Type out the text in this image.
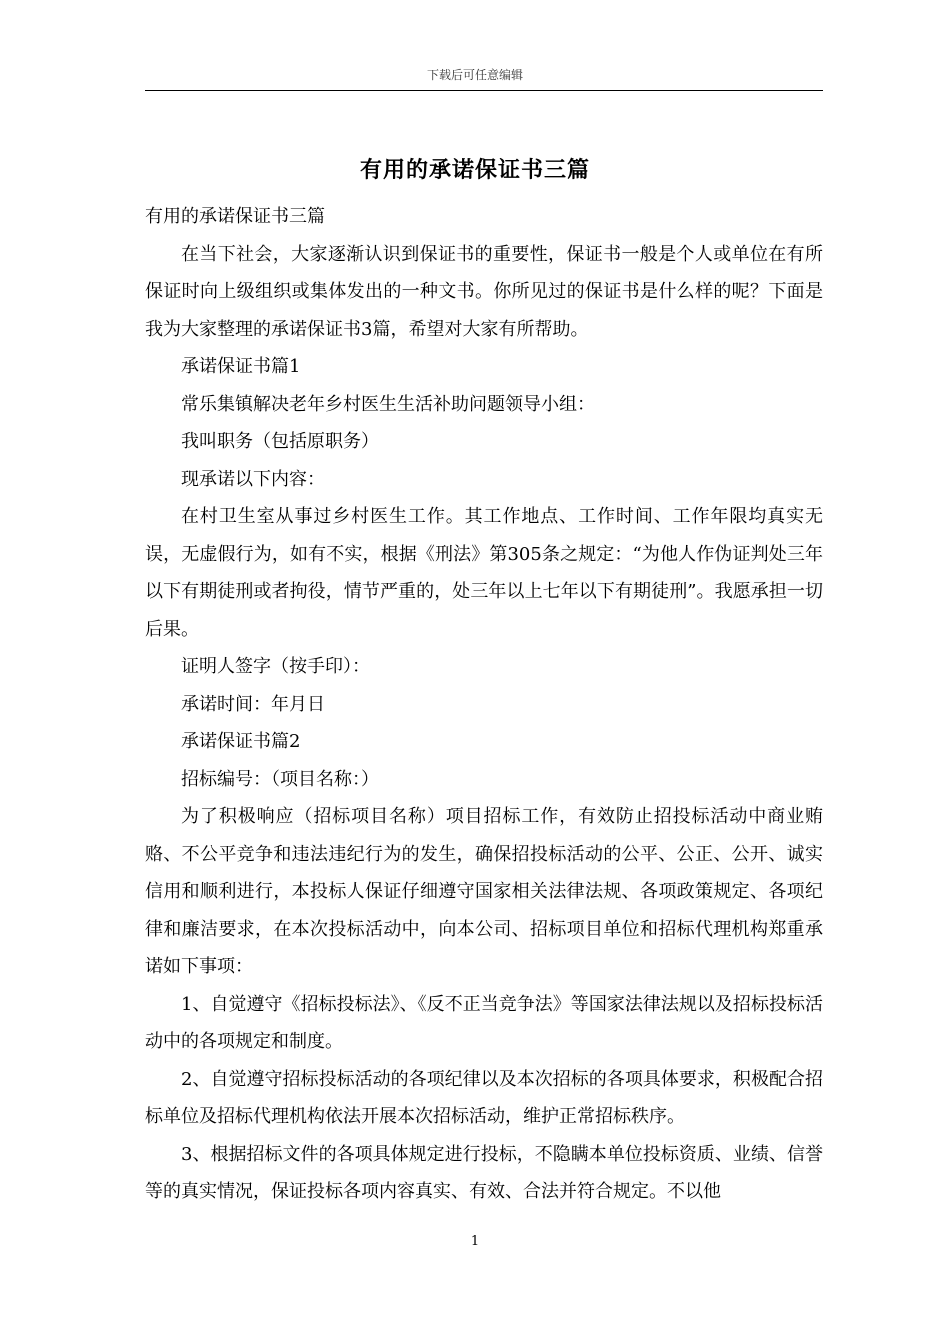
下载后可任意编辑
有用的承诺保证书三篇

有用的承诺保证书三篇

在当下社会，大家逐渐认识到保证书的重要性，保证书一般是个人或单位在有所保证时向上级组织或集体发出的一种文书。你所见过的保证书是什么样的呢？下面是我为大家整理的承诺保证书3篇，希望对大家有所帮助。

承诺保证书篇1

常乐集镇解决老年乡村医生生活补助问题领导小组：

我叫职务（包括原职务）

现承诺以下内容：

在村卫生室从事过乡村医生工作。其工作地点、工作时间、工作年限均真实无误，无虚假行为，如有不实，根据《刑法》第305条之规定：“为他人作伪证判处三年以下有期徒刑或者拘役，情节严重的，处三年以上七年以下有期徒刑”。我愿承担一切后果。

证明人签字（按手印）：

承诺时间：年月日

承诺保证书篇2

招标编号：（项目名称：）

为了积极响应（招标项目名称）项目招标工作，有效防止招投标活动中商业贿赂、不公平竞争和违法违纪行为的发生，确保招投标活动的公平、公正、公开、诚实信用和顺利进行，本投标人保证仔细遵守国家相关法律法规、各项政策规定、各项纪律和廉洁要求，在本次投标活动中，向本公司、招标项目单位和招标代理机构郑重承诺如下事项：

1、自觉遵守《招标投标法》、《反不正当竞争法》等国家法律法规以及招标投标活动中的各项规定和制度。

2、自觉遵守招标投标活动的各项纪律以及本次招标的各项具体要求，积极配合招标单位及招标代理机构依法开展本次招标活动，维护正常招标秩序。

3、根据招标文件的各项具体规定进行投标，不隐瞒本单位投标资质、业绩、信誉等的真实情况，保证投标各项内容真实、有效、合法并符合规定。不以他

1
